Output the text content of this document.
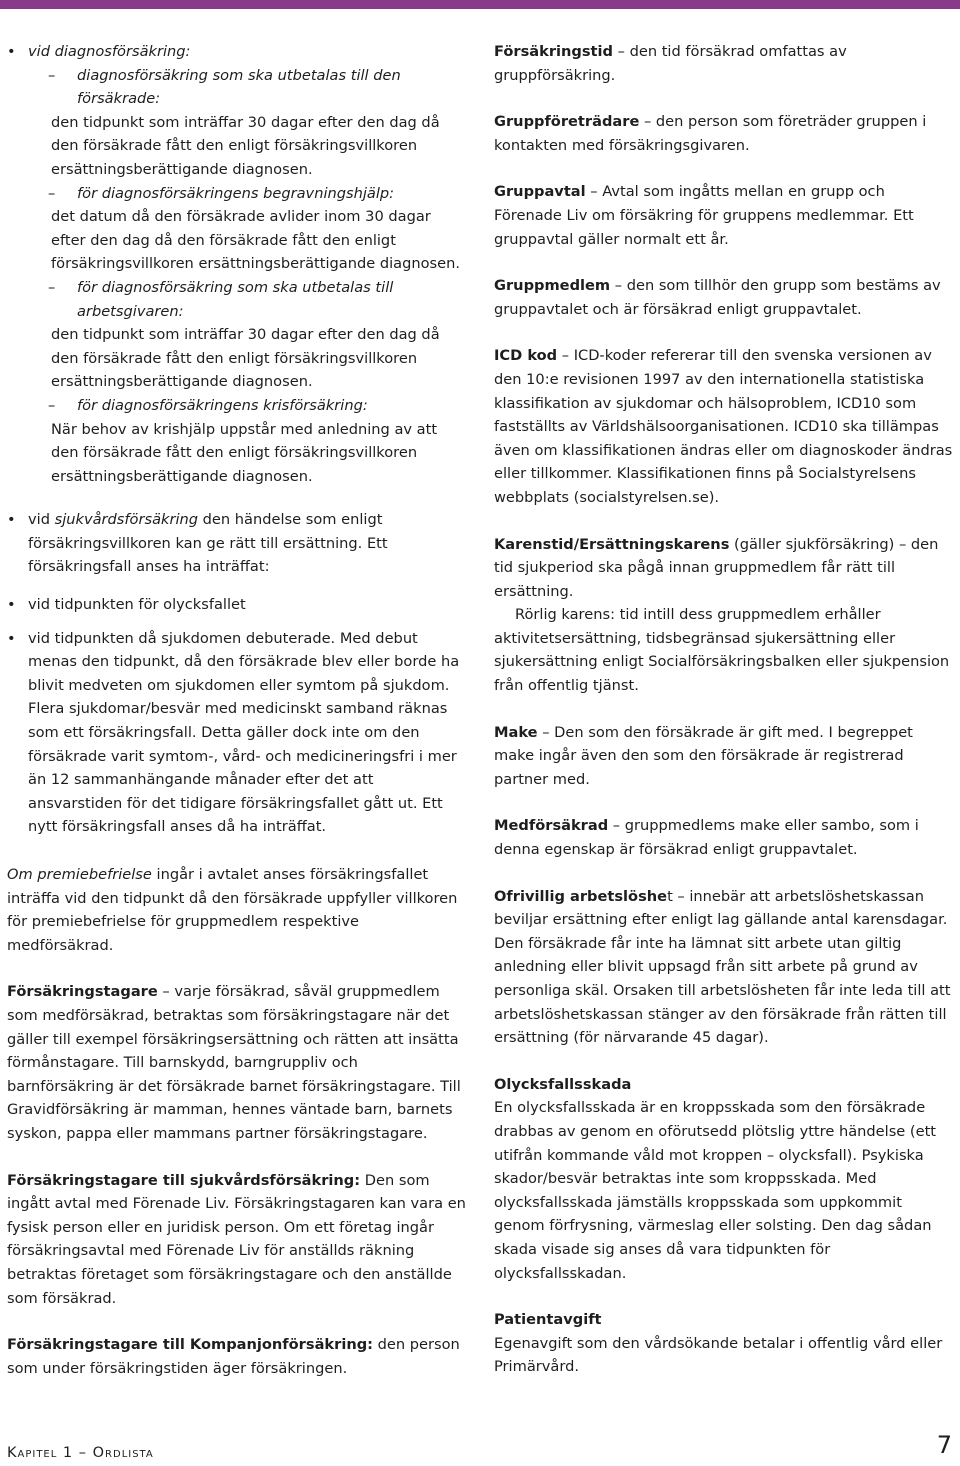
• vid diagnosförsäkring:

–	diagnosförsäkring som ska utbetalas till den försäkrade:

den tidpunkt som inträffar 30 dagar efter den dag då den försäkrade fått den enligt försäkringsvillkoren ersättningsberättigande diagnosen.

–	för diagnosförsäkringens begravningshjälp:

det datum då den försäkrade avlider inom 30 dagar efter den dag då den försäkrade fått den enligt försäkringsvillkoren ersättningsberättigande diagnosen.

–	för diagnosförsäkring som ska utbetalas till arbetsgivaren:

den tidpunkt som inträffar 30 dagar efter den dag då den försäkrade fått den enligt försäkringsvillkoren ersättningsberättigande diagnosen.

–	för diagnosförsäkringens krisförsäkring:

När behov av krishjälp uppstår med anledning av att den försäkrade fått den enligt försäkringsvillkoren ersättningsberättigande diagnosen.

• vid sjukvårdsförsäkring den händelse som enligt försäkringsvillkoren kan ge rätt till ersättning. Ett försäkringsfall anses ha inträffat:

• vid tidpunkten för olycksfallet

• vid tidpunkten då sjukdomen debuterade. Med debut menas den tidpunkt, då den försäkrade blev eller borde ha blivit medveten om sjukdomen eller symtom på sjukdom. Flera sjukdomar/besvär med medicinskt samband räknas som ett försäkringsfall. Detta gäller dock inte om den försäkrade varit symtom-, vård- och medicineringsfri i mer än 12 sammanhängande månader efter det att ansvarstiden för det tidigare försäkringsfallet gått ut. Ett nytt försäkringsfall anses då ha inträffat.

Om premiebefrielse ingår i avtalet anses försäkringsfallet inträffa vid den tidpunkt då den försäkrade uppfyller villkoren för premiebefrielse för gruppmedlem respektive medförsäkrad.

Försäkringstagare – varje försäkrad, såväl gruppmedlem som medförsäkrad, betraktas som försäkringstagare när det gäller till exempel försäkringsersättning och rätten att insätta förmånstagare. Till barnskydd, barngruppliv och barnförsäkring är det försäkrade barnet försäkringstagare. Till Gravidförsäkring är mamman, hennes väntade barn, barnets syskon, pappa eller mammans partner försäkringstagare.

Försäkringstagare till sjukvårdsförsäkring: Den som ingått avtal med Förenade Liv. Försäkringstagaren kan vara en fysisk person eller en juridisk person. Om ett företag ingår försäkringsavtal med Förenade Liv för anställds räkning betraktas företaget som försäkringstagare och den anställde som försäkrad.

Försäkringstagare till Kompanjonförsäkring: den person som under försäkringstiden äger försäkringen.

Försäkringstid – den tid försäkrad omfattas av gruppförsäkring.

Gruppföreträdare – den person som företräder gruppen i kontakten med försäkringsgivaren.

Gruppavtal – Avtal som ingåtts mellan en grupp och Förenade Liv om försäkring för gruppens medlemmar. Ett gruppavtal gäller normalt ett år.

Gruppmedlem – den som tillhör den grupp som bestäms av gruppavtalet och är försäkrad enligt gruppavtalet.

ICD kod – ICD-koder refererar till den svenska versionen av den 10:e revisionen 1997 av den internationella statistiska klassifikation av sjukdomar och hälsoproblem, ICD10 som fastställts av Världshälsoorganisationen. ICD10 ska tillämpas även om klassifikationen ändras eller om diagnoskoder ändras eller tillkommer. Klassifikationen finns på Socialstyrelsens webbplats (socialstyrelsen.se).

Karenstid/Ersättningskarens (gäller sjukförsäkring) – den tid sjukperiod ska pågå innan gruppmedlem får rätt till ersättning.

Rörlig karens: tid intill dess gruppmedlem erhåller aktivitetsersättning, tidsbegränsad sjukersättning eller sjukersättning enligt Socialförsäkringsbalken eller sjukpension från offentlig tjänst.

Make – Den som den försäkrade är gift med. I begreppet make ingår även den som den försäkrade är registrerad partner med.

Medförsäkrad – gruppmedlems make eller sambo, som i denna egenskap är försäkrad enligt gruppavtalet.

Ofrivillig arbetslöshet – innebär att arbetslöshetskassan beviljar ersättning efter enligt lag gällande antal karensdagar. Den försäkrade får inte ha lämnat sitt arbete utan giltig anledning eller blivit uppsagd från sitt arbete på grund av personliga skäl. Orsaken till arbetslösheten får inte leda till att arbetslöshetskassan stänger av den försäkrade från rätten till ersättning (för närvarande 45 dagar).

Olycksfallsskada

En olycksfallsskada är en kroppsskada som den försäkrade drabbas av genom en oförutsedd plötslig yttre händelse (ett utifrån kommande våld mot kroppen – olycksfall). Psykiska skador/besvär betraktas inte som kroppsskada. Med olycksfallsskada jämställs kroppsskada som uppkommit genom förfrysning, värmeslag eller solsting. Den dag sådan skada visade sig anses då vara tidpunkten för olycksfallsskadan.

Patientavgift

Egenavgift som den vårdsökande betalar i offentlig vård eller Primärvård.

Kapitel 1 – Ordlista	7
